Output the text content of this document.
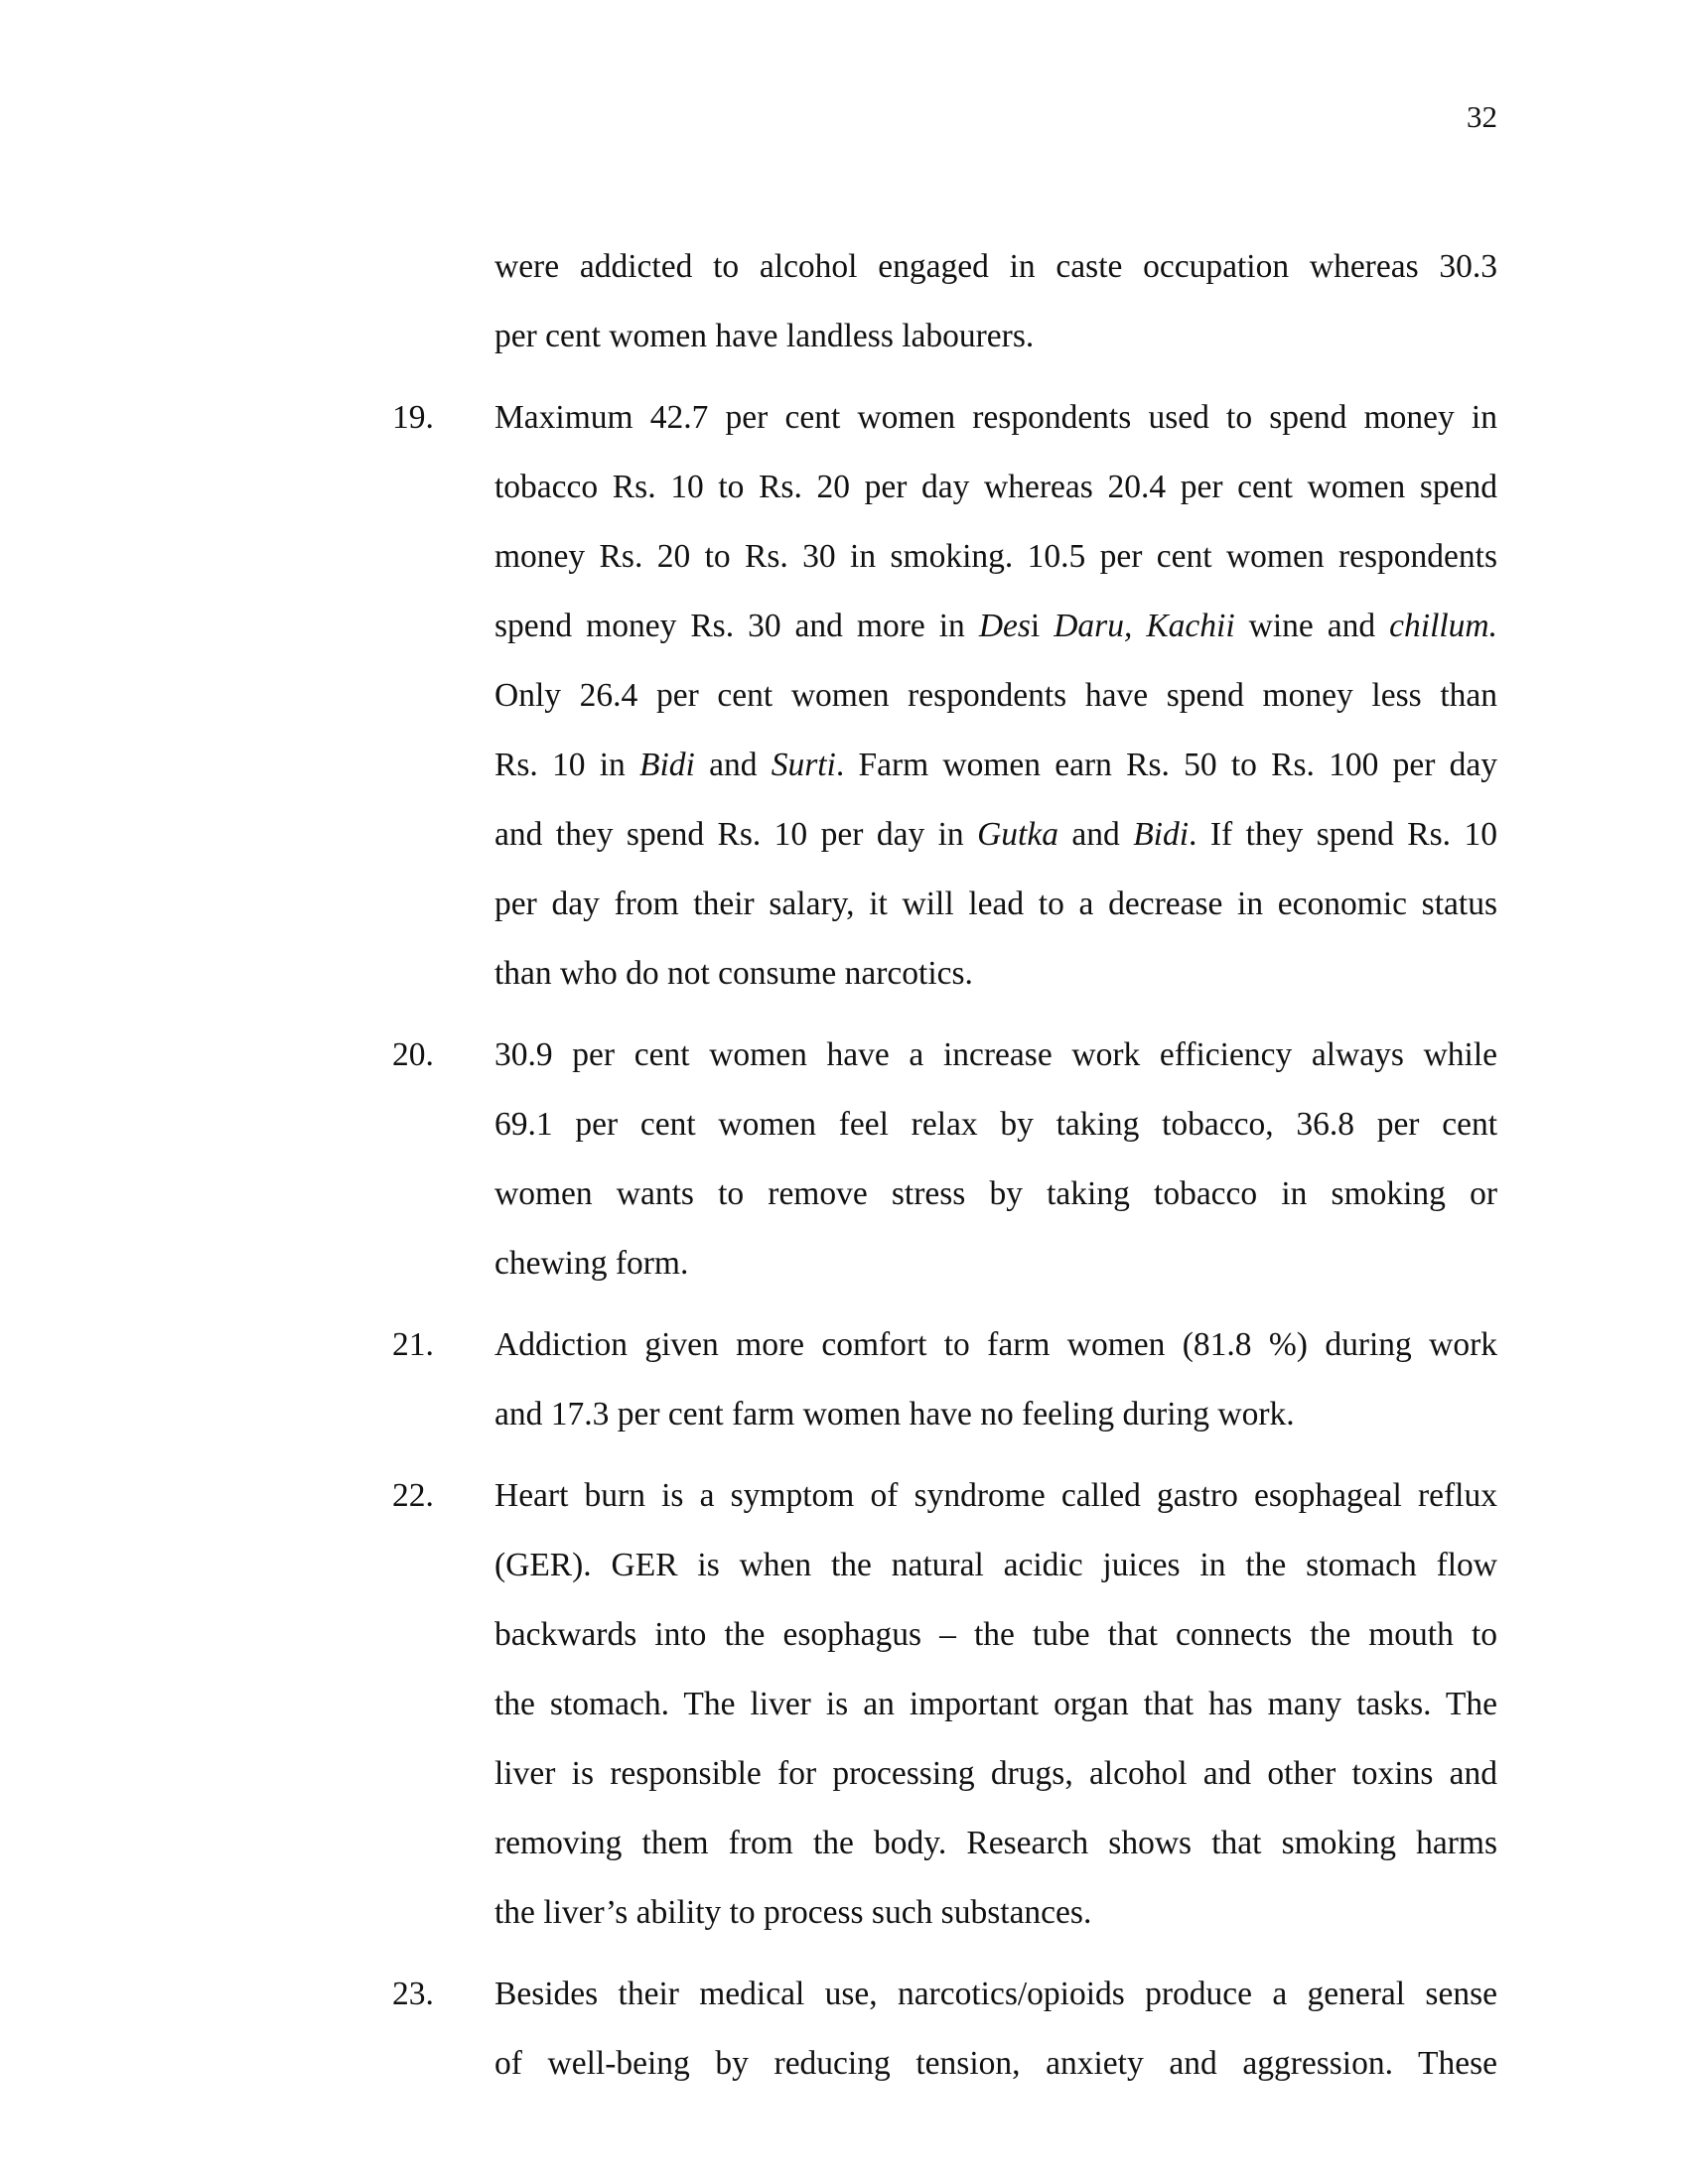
32
were addicted to alcohol engaged in caste occupation whereas 30.3
per cent women have landless labourers.
19. Maximum 42.7 per cent women respondents used to spend money in
tobacco Rs. 10 to Rs. 20 per day whereas 20.4 per cent women spend
money Rs. 20 to Rs. 30 in smoking. 10.5 per cent women respondents
spend money Rs. 30 and more in Desi Daru, Kachii wine and chillum.
Only 26.4 per cent women respondents have spend money less than
Rs. 10 in Bidi and Surti. Farm women earn Rs. 50 to Rs. 100 per day
and they spend Rs. 10 per day in Gutka and Bidi. If they spend Rs. 10
per day from their salary, it will lead to a decrease in economic status
than who do not consume narcotics.
20. 30.9 per cent women have a increase work efficiency always while
69.1 per cent women feel relax by taking tobacco, 36.8 per cent
women wants to remove stress by taking tobacco in smoking or
chewing form.
21. Addiction given more comfort to farm women (81.8 %) during work
and 17.3 per cent farm women have no feeling during work.
22. Heart burn is a symptom of syndrome called gastro esophageal reflux
(GER). GER is when the natural acidic juices in the stomach flow
backwards into the esophagus – the tube that connects the mouth to
the stomach. The liver is an important organ that has many tasks. The
liver is responsible for processing drugs, alcohol and other toxins and
removing them from the body. Research shows that smoking harms
the liver’s ability to process such substances.
23. Besides their medical use, narcotics/opioids produce a general sense
of well-being by reducing tension, anxiety and aggression. These
